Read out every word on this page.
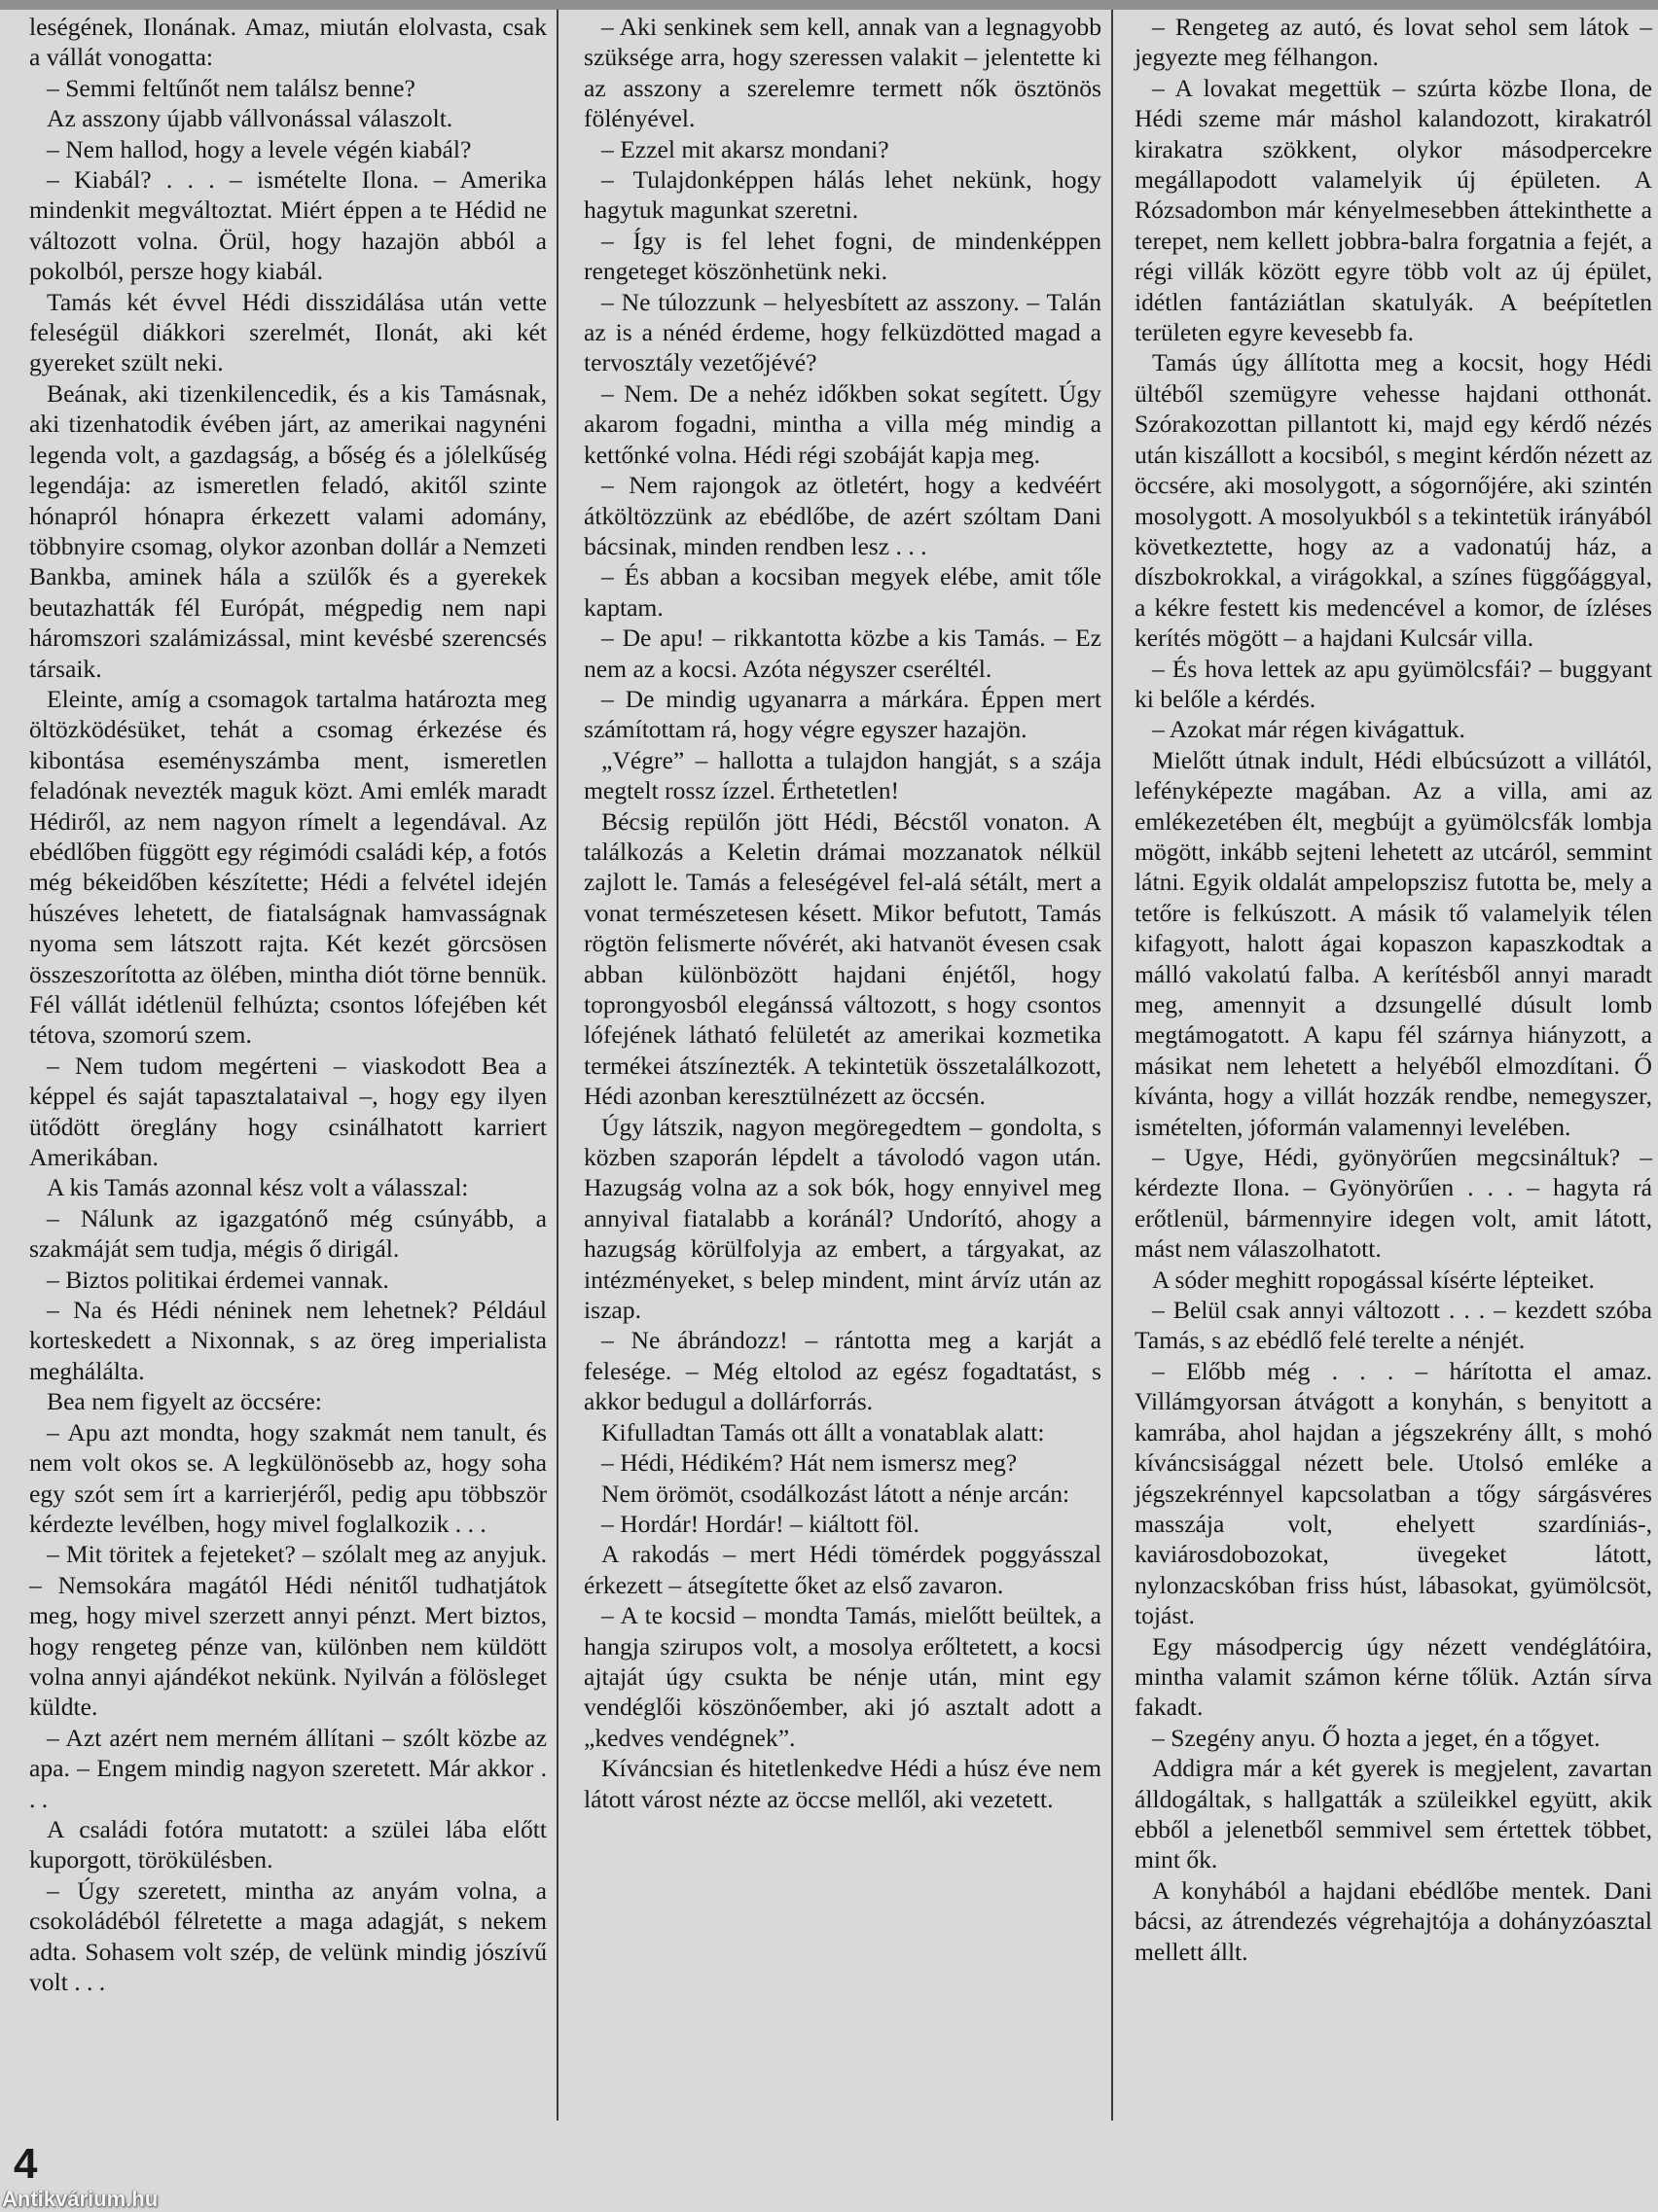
leségének, Ilonának. Amaz, miután elolvasta, csak a vállát vonogatta:

– Semmi feltűnőt nem találsz benne?

Az asszony újabb vállvonással válaszolt.

– Nem hallod, hogy a levele végén kiabál?

– Kiabál? . . . – ismételte Ilona. – Amerika mindenkit megváltoztat. Miért éppen a te Hédid ne változott volna. Örül, hogy hazajön abból a pokolból, persze hogy kiabál.

Tamás két évvel Hédi disszidálása után vette feleségül diákkori szerelmét, Ilonát, aki két gyereket szült neki.

Beának, aki tizenkilencedik, és a kis Tamásnak, aki tizenhatodik évében járt, az amerikai nagynéni legenda volt, a gazdagság, a bőség és a jólelkűség legendája: az ismeretlen feladó, akitől szinte hónapról hónapra érkezett valami adomány, többnyire csomag, olykor azonban dollár a Nemzeti Bankba, aminek hála a szülők és a gyerekek beutazhatták fél Európát, mégpedig nem napi háromszori szalámizással, mint kevésbé szerencsés társaik.

Eleinte, amíg a csomagok tartalma határozta meg öltözködésüket, tehát a csomag érkezése és kibontása eseményszámba ment, ismeretlen feladónak nevezték maguk közt. Ami emlék maradt Hédiről, az nem nagyon rímelt a legendával. Az ebédlőben függött egy régimódi családi kép, a fotós még békeidőben készítette; Hédi a felvétel idején húszéves lehetett, de fiatalságnak hamvasságnak nyoma sem látszott rajta. Két kezét görcsösen összeszorította az ölében, mintha diót törne bennük. Fél vállát idétlenül felhúzta; csontos lófejében két tétova, szomorú szem.

– Nem tudom megérteni – viaskodott Bea a képpel és saját tapasztalataival –, hogy egy ilyen ütődött öreglány hogy csinálhatott karriert Amerikában.

A kis Tamás azonnal kész volt a válasszal:

– Nálunk az igazgatónő még csúnyább, a szakmáját sem tudja, mégis ő dirigál.

– Biztos politikai érdemei vannak.

– Na és Hédi néninek nem lehetnek? Például korteskedett a Nixonnak, s az öreg imperialista meghálálta.

Bea nem figyelt az öccsére:

– Apu azt mondta, hogy szakmát nem tanult, és nem volt okos se. A legkülönösebb az, hogy soha egy szót sem írt a karrierjéről, pedig apu többször kérdezte levélben, hogy mivel foglalkozik . . .

– Mit töritek a fejeteket? – szólalt meg az anyjuk. – Nemsokára magától Hédi nénitől tudhatjátok meg, hogy mivel szerzett annyi pénzt. Mert biztos, hogy rengeteg pénze van, különben nem küldött volna annyi ajándékot nekünk. Nyilván a fölösleget küldte.

– Azt azért nem merném állítani – szólt közbe az apa. – Engem mindig nagyon szeretett. Már akkor . . .

A családi fotóra mutatott: a szülei lába előtt kuporgott, törökülésben.

– Úgy szeretett, mintha az anyám volna, a csokoládéból félretette a maga adagját, s nekem adta. Sohasem volt szép, de velünk mindig jószívű volt . . .

– Aki senkinek sem kell, annak van a legnagyobb szüksége arra, hogy szeressen valakit – jelentette ki az asszony a szerelemre termett nők ösztönös fölényével.

– Ezzel mit akarsz mondani?

– Tulajdonképpen hálás lehet nekünk, hogy hagytuk magunkat szeretni.

– Így is fel lehet fogni, de mindenképpen rengeteget köszönhetünk neki.

– Ne túlozzunk – helyesbített az asszony. – Talán az is a nénéd érdeme, hogy felküzdötted magad a tervosztály vezetőjévé?

– Nem. De a nehéz időkben sokat segített. Úgy akarom fogadni, mintha a villa még mindig a kettőnké volna. Hédi régi szobáját kapja meg.

– Nem rajongok az ötletért, hogy a kedvéért átköltözzünk az ebédlőbe, de azért szóltam Dani bácsinak, minden rendben lesz . . .

– És abban a kocsiban megyek elébe, amit tőle kaptam.

– De apu! – rikkantotta közbe a kis Tamás. – Ez nem az a kocsi. Azóta négyszer cseréltél.

– De mindig ugyanarra a márkára. Éppen mert számítottam rá, hogy végre egyszer hazajön.

„Végre” – hallotta a tulajdon hangját, s a szája megtelt rossz ízzel. Érthetetlen!

Bécsig repülőn jött Hédi, Bécstől vonaton. A találkozás a Keletin drámai mozzanatok nélkül zajlott le. Tamás a feleségével fel-alá sétált, mert a vonat természetesen késett. Mikor befutott, Tamás rögtön felismerte nővérét, aki hatvanöt évesen csak abban különbözött hajdani énjétől, hogy toprongyosból elegánssá változott, s hogy csontos lófejének látható felületét az amerikai kozmetika termékei átszínezték. A tekintetük összetalálkozott, Hédi azonban keresztülnézett az öccsén.

Úgy látszik, nagyon megöregedtem – gondolta, s közben szaporán lépdelt a távolodó vagon után. Hazugság volna az a sok bók, hogy ennyivel meg annyival fiatalabb a koránál? Undorító, ahogy a hazugság körülfolyja az embert, a tárgyakat, az intézményeket, s belep mindent, mint árvíz után az iszap.

– Ne ábrándozz! – rántotta meg a karját a felesége. – Még eltolod az egész fogadtatást, s akkor bedugul a dollárforrás.

Kifulladtan Tamás ott állt a vonatablak alatt:

– Hédi, Hédikém? Hát nem ismersz meg?

Nem örömöt, csodálkozást látott a nénje arcán:

– Hordár! Hordár! – kiáltott föl.

A rakodás – mert Hédi tömérdek poggyásszal érkezett – átsegítette őket az első zavaron.

– A te kocsid – mondta Tamás, mielőtt beültek, a hangja szirupos volt, a mosolya erőltetett, a kocsi ajtaját úgy csukta be nénje után, mint egy vendéglői köszönőember, aki jó asztalt adott a „kedves vendégnek”.

Kíváncsian és hitetlenkedve Hédi a húsz éve nem látott várost nézte az öccse mellől, aki vezetett.

– Rengeteg az autó, és lovat sehol sem látok – jegyezte meg félhangon.

– A lovakat megettük – szúrta közbe Ilona, de Hédi szeme már máshol kalandozott, kirakatról kirakatra szökkent, olykor másodpercekre megállapodott valamelyik új épületen. A Rózsadombon már kényelmesebben áttekinthette a terepet, nem kellett jobbra-balra forgatnia a fejét, a régi villák között egyre több volt az új épület, idétlen fantáziátlan skatulyák. A beépítetlen területen egyre kevesebb fa.

Tamás úgy állította meg a kocsit, hogy Hédi ültéből szemügyre vehesse hajdani otthonát. Szórakozottan pillantott ki, majd egy kérdő nézés után kiszállott a kocsiból, s megint kérdőn nézett az öccsére, aki mosolygott, a sógornőjére, aki szintén mosolygott. A mosolyukból s a tekintetük irányából következtette, hogy az a vadonatúj ház, a díszbokrokkal, a virágokkal, a színes függőággyal, a kékre festett kis medencével a komor, de ízléses kerítés mögött – a hajdani Kulcsár villa.

– És hova lettek az apu gyümölcsfái? – buggyant ki belőle a kérdés.

– Azokat már régen kivágattuk.

Mielőtt útnak indult, Hédi elbúcsúzott a villától, lefényképezte magában. Az a villa, ami az emlékezetében élt, megbújt a gyümölcsfák lombja mögött, inkább sejteni lehetett az utcáról, semmint látni. Egyik oldalát ampelopszisz futotta be, mely a tetőre is felkúszott. A másik tő valamelyik télen kifagyott, halott ágai kopaszon kapaszkodtak a málló vakolatú falba. A kerítésből annyi maradt meg, amennyit a dzsungellé dúsult lomb megtámogatott. A kapu fél szárnya hiányzott, a másikat nem lehetett a helyéből elmozdítani. Ő kívánta, hogy a villát hozzák rendbe, nemegyszer, ismételten, jóformán valamennyi levelében.

– Ugye, Hédi, gyönyörűen megcsináltuk? – kérdezte Ilona. – Gyönyörűen . . . – hagyta rá erőtlenül, bármennyire idegen volt, amit látott, mást nem válaszolhatott.

A sóder meghitt ropogással kísérte lépteiket.

– Belül csak annyi változott . . . – kezdett szóba Tamás, s az ebédlő felé terelte a nénjét.

– Előbb még . . . – hárította el amaz. Villámgyorsan átvágott a konyhán, s benyitott a kamrába, ahol hajdan a jégszekrény állt, s mohó kíváncsisággal nézett bele. Utolsó emléke a jégszekrénnyel kapcsolatban a tőgy sárgásvéres masszája volt, ehelyett szardíniás-, kaviárosdobozokat, üvegeket látott, nylonzacskóban friss húst, lábasokat, gyümölcsöt, tojást.

Egy másodpercig úgy nézett vendéglátóira, mintha valamit számon kérne tőlük. Aztán sírva fakadt.

– Szegény anyu. Ő hozta a jeget, én a tőgyet.

Addigra már a két gyerek is megjelent, zavartan álldogáltak, s hallgatták a szüleikkel együtt, akik ebből a jelenetből semmivel sem értettek többet, mint ők.

A konyhából a hajdani ebédlőbe mentek. Dani bácsi, az átrendezés végrehajtója a dohányzóasztal mellett állt.

4
Antikvárium.hu
